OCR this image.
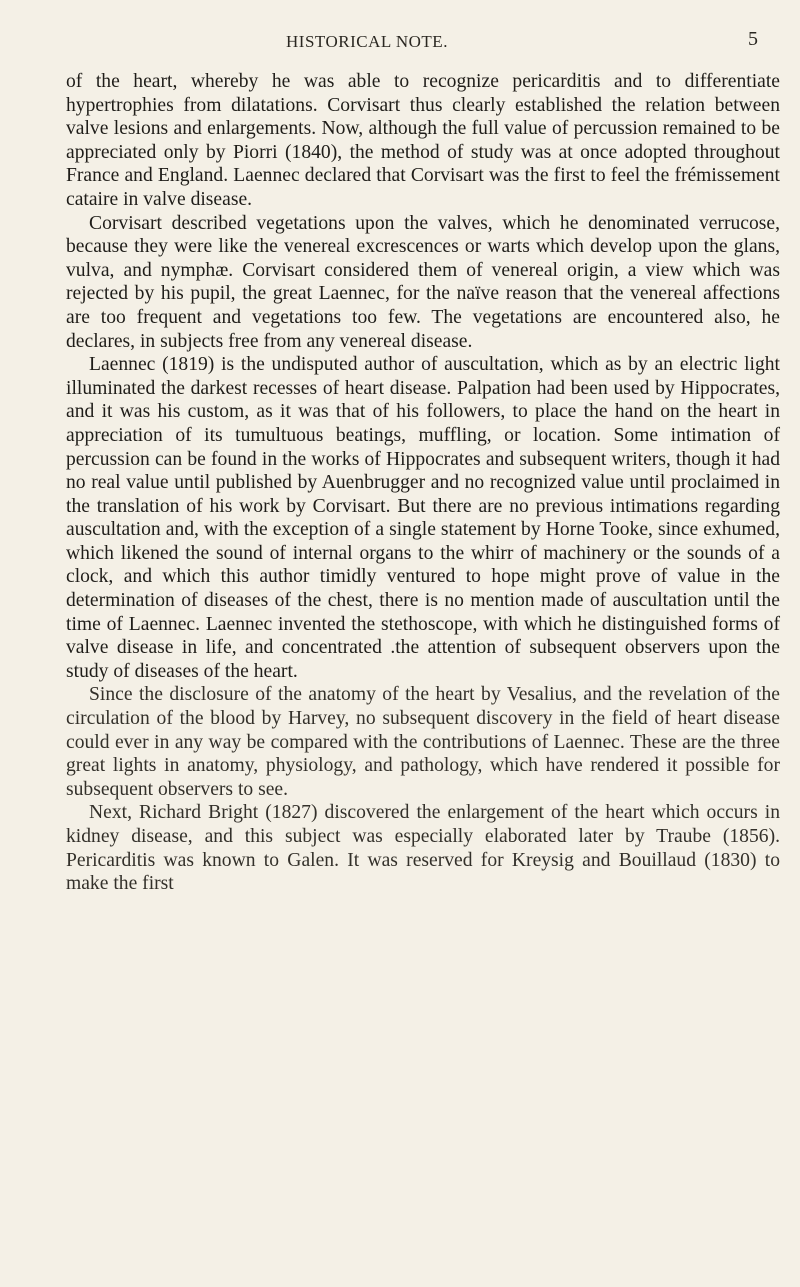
HISTORICAL NOTE.	5

of the heart, whereby he was able to recognize pericarditis and to differentiate hypertrophies from dilatations. Corvisart thus clearly established the relation between valve lesions and enlargements. Now, although the full value of percussion remained to be appreciated only by Piorri (1840), the method of study was at once adopted throughout France and England. Laennec declared that Corvisart was the first to feel the frémissement cataire in valve disease.

Corvisart described vegetations upon the valves, which he denominated verrucose, because they were like the venereal excrescences or warts which develop upon the glans, vulva, and nymphæ. Corvisart considered them of venereal origin, a view which was rejected by his pupil, the great Laennec, for the naïve reason that the venereal affections are too frequent and vegetations too few. The vegetations are encountered also, he declares, in subjects free from any venereal disease.

Laennec (1819) is the undisputed author of auscultation, which as by an electric light illuminated the darkest recesses of heart disease. Palpation had been used by Hippocrates, and it was his custom, as it was that of his followers, to place the hand on the heart in appreciation of its tumultuous beatings, muffling, or location. Some intimation of percussion can be found in the works of Hippocrates and subsequent writers, though it had no real value until published by Auenbrugger and no recognized value until proclaimed in the translation of his work by Corvisart. But there are no previous intimations regarding auscultation and, with the exception of a single statement by Horne Tooke, since exhumed, which likened the sound of internal organs to the whirr of machinery or the sounds of a clock, and which this author timidly ventured to hope might prove of value in the determination of diseases of the chest, there is no mention made of auscultation until the time of Laennec. Laennec invented the stethoscope, with which he distinguished forms of valve disease in life, and concentrated .the attention of subsequent observers upon the study of diseases of the heart.

Since the disclosure of the anatomy of the heart by Vesalius, and the revelation of the circulation of the blood by Harvey, no subsequent discovery in the field of heart disease could ever in any way be compared with the contributions of Laennec. These are the three great lights in anatomy, physiology, and pathology, which have rendered it possible for subsequent observers to see.

Next, Richard Bright (1827) discovered the enlargement of the heart which occurs in kidney disease, and this subject was especially elaborated later by Traube (1856). Pericarditis was known to Galen. It was reserved for Kreysig and Bouillaud (1830) to make the first
